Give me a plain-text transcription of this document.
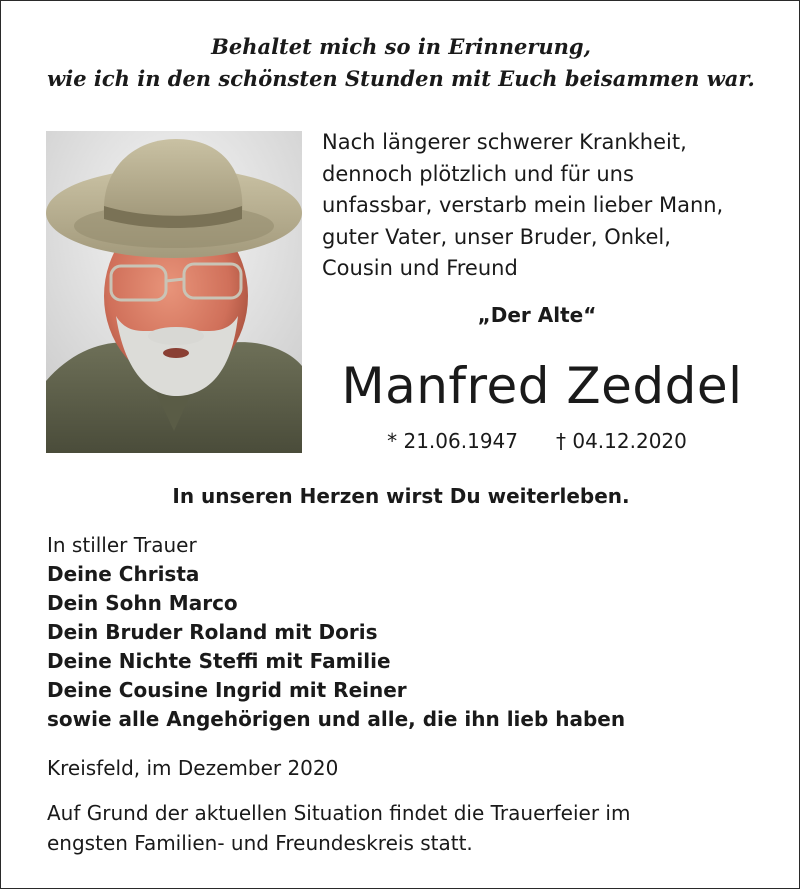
Behaltet mich so in Erinnerung,
wie ich in den schönsten Stunden mit Euch beisammen war.
Nach längerer schwerer Krankheit,
dennoch plötzlich und für uns
unfassbar, verstarb mein lieber Mann,
guter Vater, unser Bruder, Onkel,
Cousin und Freund
„Der Alte“
Manfred Zeddel
* 21.06.1947 † 04.12.2020
In unseren Herzen wirst Du weiterleben.
In stiller Trauer
Deine Christa
Dein Sohn Marco
Dein Bruder Roland mit Doris
Deine Nichte Steffi mit Familie
Deine Cousine Ingrid mit Reiner
sowie alle Angehörigen und alle, die ihn lieb haben
Kreisfeld, im Dezember 2020
Auf Grund der aktuellen Situation findet die Trauerfeier im
engsten Familien- und Freundeskreis statt.
